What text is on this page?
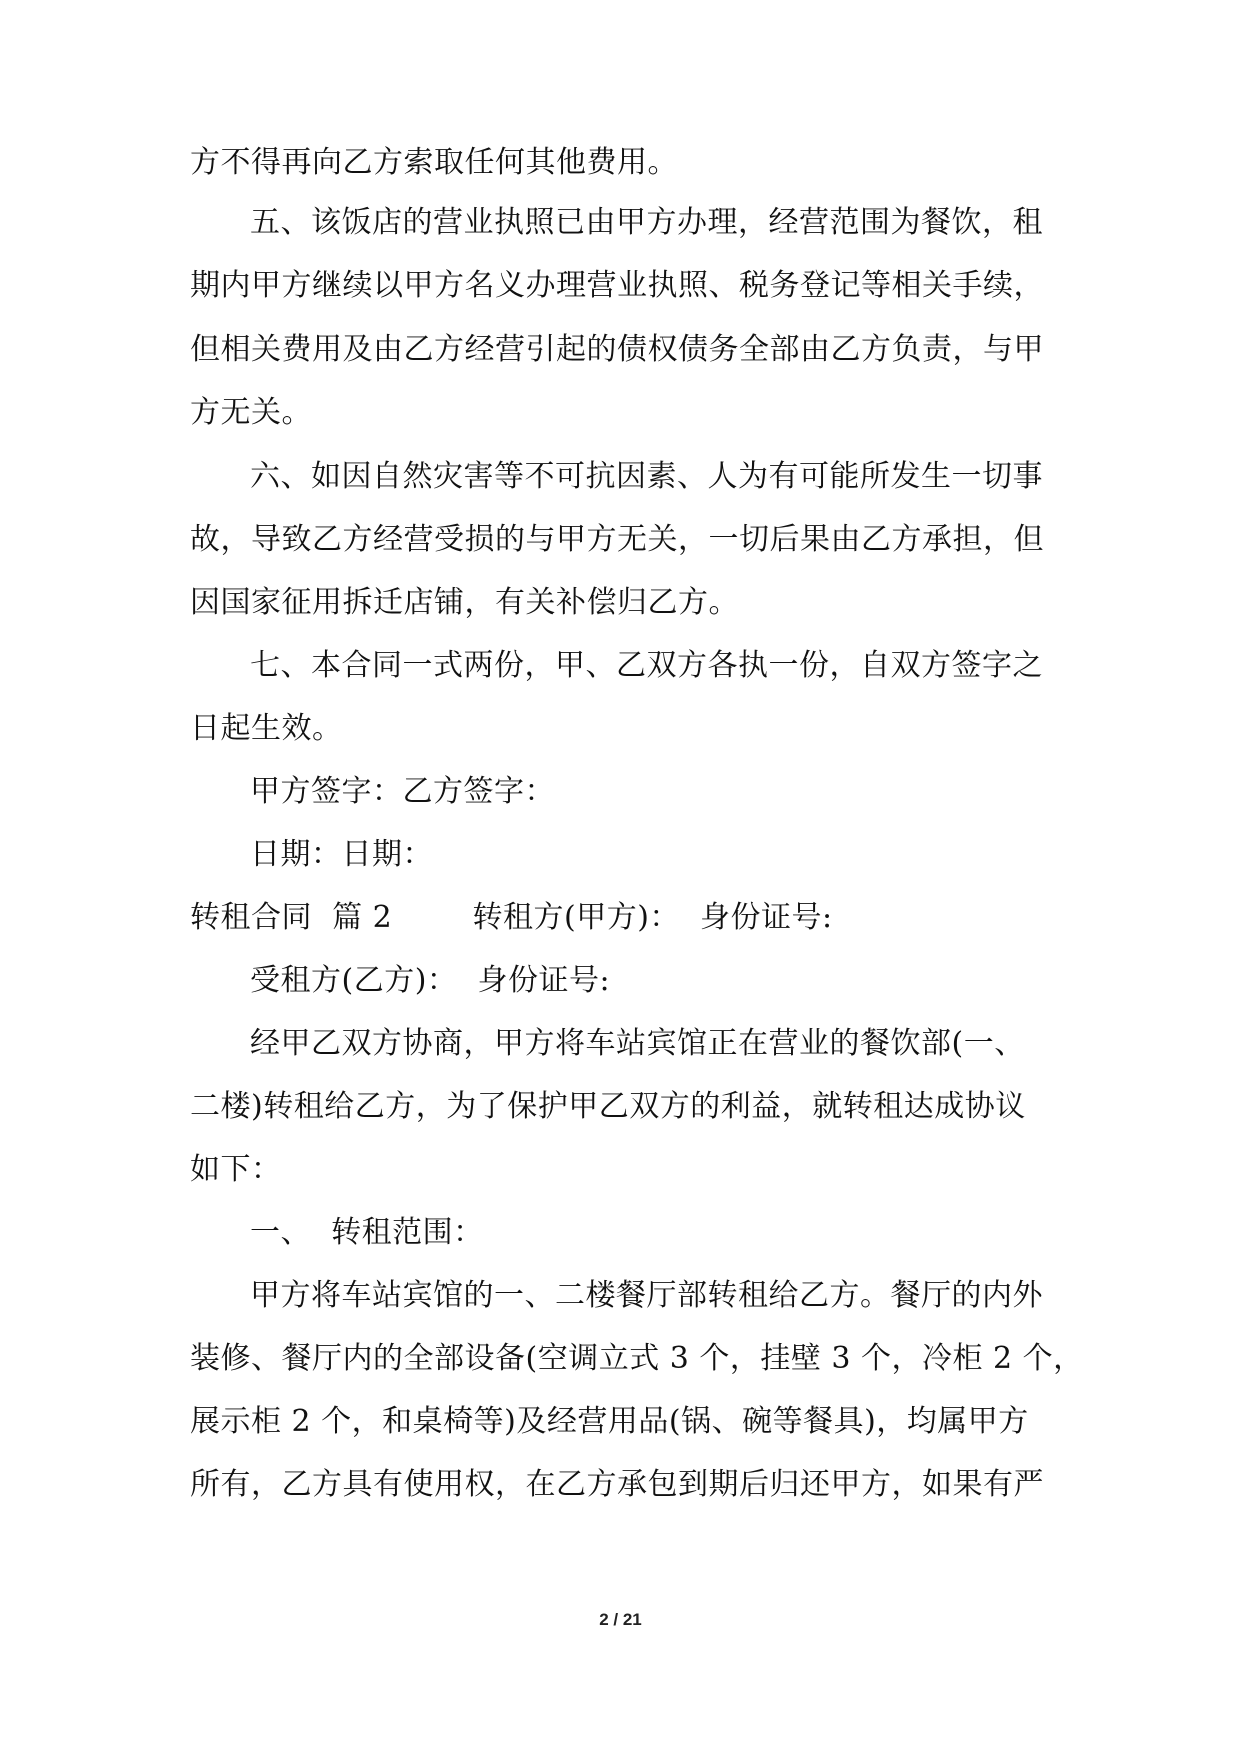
方不得再向乙方索取任何其他费用。
五、该饭店的营业执照已由甲方办理，经营范围为餐饮，租
期内甲方继续以甲方名义办理营业执照、税务登记等相关手续，
但相关费用及由乙方经营引起的债权债务全部由乙方负责，与甲
方无关。
六、如因自然灾害等不可抗因素、人为有可能所发生一切事
故，导致乙方经营受损的与甲方无关，一切后果由乙方承担，但
因国家征用拆迁店铺，有关补偿归乙方。
七、本合同一式两份，甲、乙双方各执一份，自双方签字之
日起生效。
甲方签字：乙方签字：
日期：日期：
转租合同  篇 2        转租方(甲方)：  身份证号:
受租方(乙方)：  身份证号:
经甲乙双方协商，甲方将车站宾馆正在营业的餐饮部(一、
二楼)转租给乙方，为了保护甲乙双方的利益，就转租达成协议
如下：
一、  转租范围：
甲方将车站宾馆的一、二楼餐厅部转租给乙方。餐厅的内外
装修、餐厅内的全部设备(空调立式 3 个，挂壁 3 个，冷柜 2 个，
展示柜 2 个，和桌椅等)及经营用品(锅、碗等餐具)，均属甲方
所有，乙方具有使用权，在乙方承包到期后归还甲方，如果有严
2 / 21
